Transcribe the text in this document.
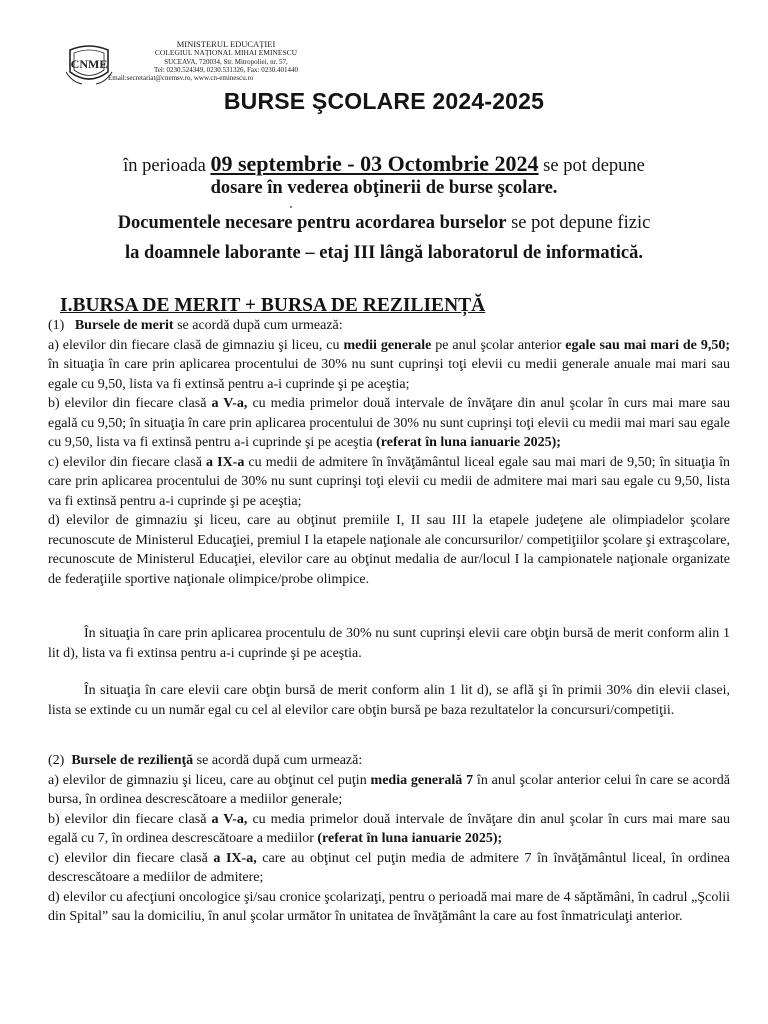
CNME
MINISTERUL EDUCAȚIEI
COLEGIUL NAȚIONAL MIHAI EMINESCU
SUCEAVA, 720034, Str. Mitropoliei, nr. 57,
Tel: 0230.524349, 0230.531326, Fax: 0230.401440
Email:secretariat@cnemsv.ro, www.cn-eminescu.ro
BURSE ŞCOLARE 2024-2025
în perioada 09 septembrie - 03 Octombrie 2024 se pot depune
dosare în vederea obţinerii de burse şcolare.
Documentele necesare pentru acordarea burselor se pot depune fizic
la doamnele laborante – etaj III lângă laboratorul de informatică.
I.BURSA DE MERIT + BURSA DE REZILIENȚĂ

(1) Bursele de merit se acordă după cum urmează:

a) elevilor din fiecare clasă de gimnaziu şi liceu, cu medii generale pe anul şcolar anterior egale sau mai mari de 9,50; în situaţia în care prin aplicarea procentului de 30% nu sunt cuprinşi toţi elevii cu medii generale anuale mai mari sau egale cu 9,50, lista va fi extinsă pentru a-i cuprinde şi pe aceştia;

b) elevilor din fiecare clasă a V-a, cu media primelor două intervale de învăţare din anul şcolar în curs mai mare sau egală cu 9,50; în situaţia în care prin aplicarea procentului de 30% nu sunt cuprinşi toţi elevii cu medii mai mari sau egale cu 9,50, lista va fi extinsă pentru a-i cuprinde şi pe aceştia (referat în luna ianuarie 2025);

c) elevilor din fiecare clasă a IX-a cu medii de admitere în învăţământul liceal egale sau mai mari de 9,50; în situaţia în care prin aplicarea procentului de 30% nu sunt cuprinşi toţi elevii cu medii de admitere mai mari sau egale cu 9,50, lista va fi extinsă pentru a-i cuprinde şi pe aceştia;

d) elevilor de gimnaziu şi liceu, care au obţinut premiile I, II sau III la etapele judeţene ale olimpiadelor şcolare recunoscute de Ministerul Educaţiei, premiul I la etapele naţionale ale concursurilor/ competiţiilor şcolare şi extraşcolare, recunoscute de Ministerul Educaţiei, elevilor care au obţinut medalia de aur/locul I la campionatele naţionale organizate de federaţiile sportive naţionale olimpice/probe olimpice.

În situaţia în care prin aplicarea procentulu de 30% nu sunt cuprinşi elevii care obţin bursă de merit conform alin 1 lit d), lista va fi extinsa pentru a-i cuprinde şi pe aceştia.

În situaţia în care elevii care obţin bursă de merit conform alin 1 lit d), se află şi în primii 30% din elevii clasei, lista se extinde cu un număr egal cu cel al elevilor care obţin bursă pe baza rezultatelor la concursuri/competiţii.

(2) Bursele de rezilienţă se acordă după cum urmează:

a) elevilor de gimnaziu şi liceu, care au obţinut cel puţin media generală 7 în anul şcolar anterior celui în care se acordă bursa, în ordinea descrescătoare a mediilor generale;

b) elevilor din fiecare clasă a V-a, cu media primelor două intervale de învăţare din anul şcolar în curs mai mare sau egală cu 7, în ordinea descrescătoare a mediilor (referat în luna ianuarie 2025);

c) elevilor din fiecare clasă a IX-a, care au obţinut cel puţin media de admitere 7 în învăţământul liceal, în ordinea descrescătoare a mediilor de admitere;

d) elevilor cu afecţiuni oncologice şi/sau cronice şcolarizaţi, pentru o perioadă mai mare de 4 săptămâni, în cadrul „Şcolii din Spital” sau la domiciliu, în anul şcolar următor în unitatea de învăţământ la care au fost înmatriculaţi anterior.
